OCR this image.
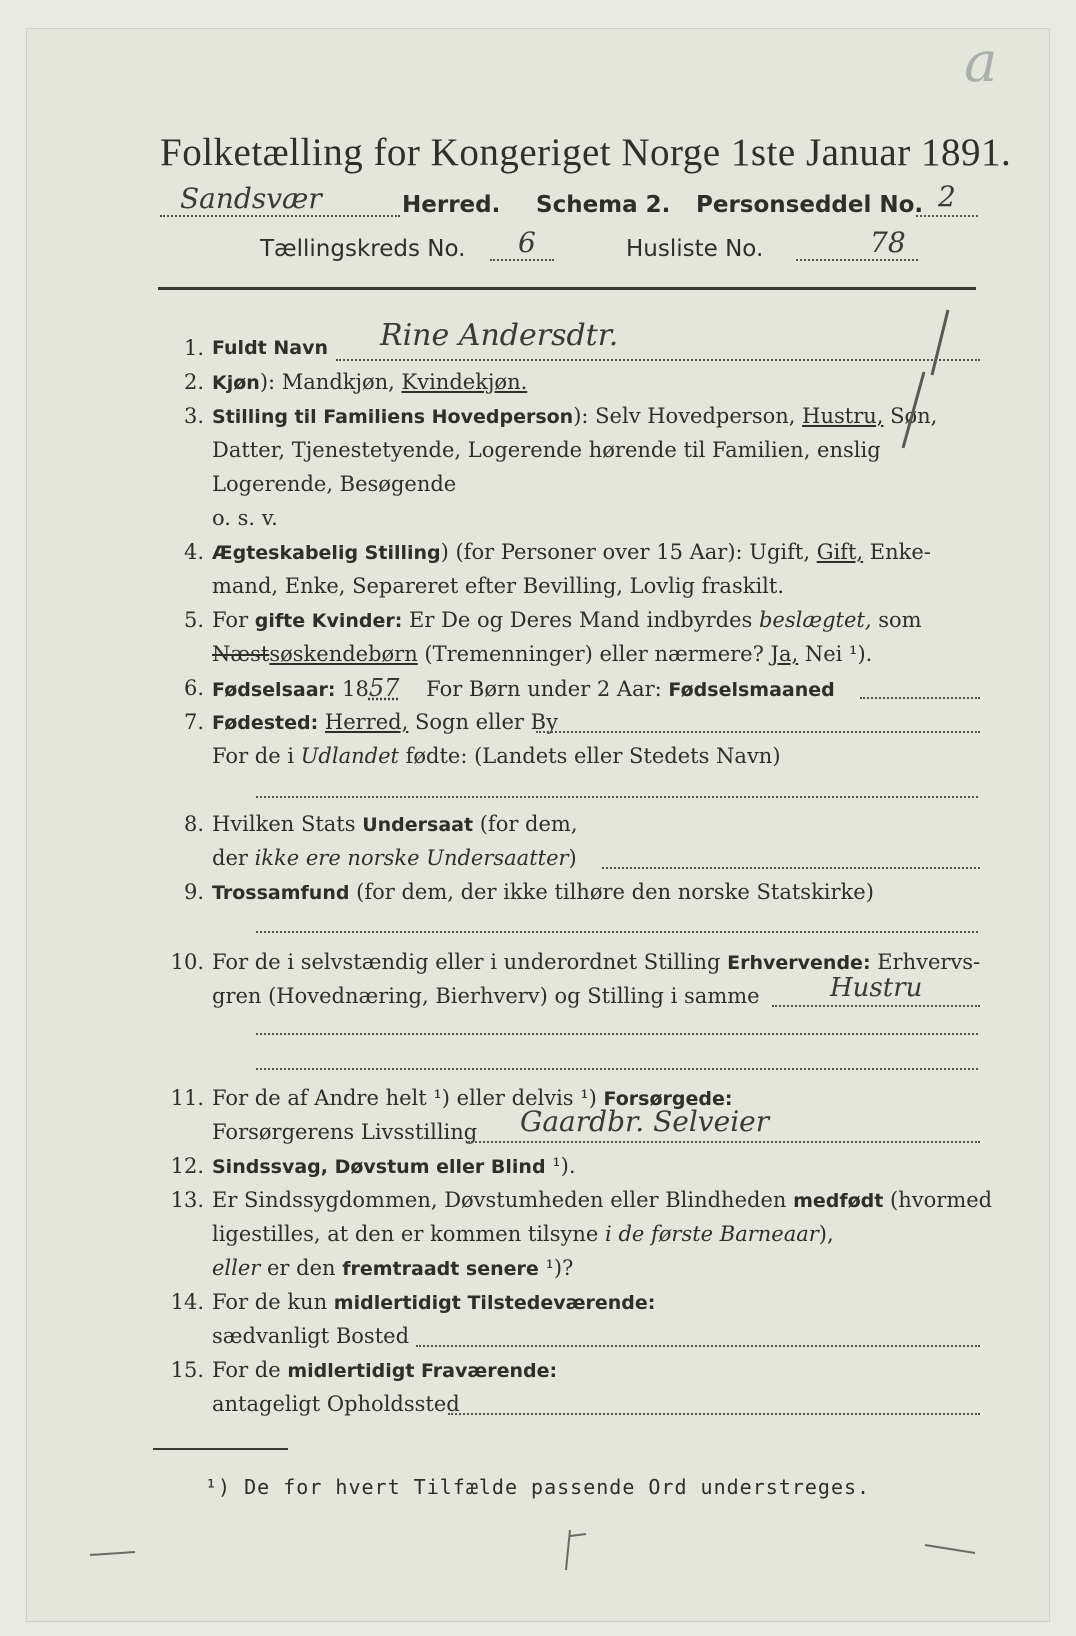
a
Folketælling for Kongeriget Norge 1ste Januar 1891.
Sandsvær	Herred. Schema 2. Personseddel No. 2
Tællingskreds No. 6	Husliste No.	78
1. Fuldt Navn Rine Andersdtr.
2. Kjøn): Mandkjøn, Kvindekjøn.
3. Stilling til Familiens Hovedperson): Selv Hovedperson, Hustru, Søn,
Datter, Tjenestetyende, Logerende hørende til Familien, enslig
Logerende, Besøgende
o. s. v.
4. Ægteskabelig Stilling) (for Personer over 15 Aar): Ugift, Gift, Enke-
mand, Enke, Separeret efter Bevilling, Lovlig fraskilt.
5. For gifte Kvinder: Er De og Deres Mand indbyrdes beslægtet, som
Næstsøskendebørn (Tremenninger) eller nærmere? Ja, Nei ¹).
6. Fødselsaar: 1857 For Børn under 2 Aar: Fødselsmaaned
7. Fødested: Herred, Sogn eller By
For de i Udlandet fødte: (Landets eller Stedets Navn)
8. Hvilken Stats Undersaat (for dem,
der ikke ere norske Undersaatter)
9. Trossamfund (for dem, der ikke tilhøre den norske Statskirke)
10. For de i selvstændig eller i underordnet Stilling Erhvervende: Erhvervs-
gren (Hovednæring, Bierhverv) og Stilling i samme	Hustru
11. For de af Andre helt ¹) eller delvis ¹) Forsørgede:
Forsørgerens Livsstilling Gaardbr. Selveier
12. Sindssvag, Døvstum eller Blind ¹).
13. Er Sindssygdommen, Døvstumheden eller Blindheden medfødt (hvormed
ligestilles, at den er kommen tilsyne i de første Barneaar),
eller er den fremtraadt senere ¹)?
14. For de kun midlertidigt Tilstedeværende:
sædvanligt Bosted
15. For de midlertidigt Fraværende:
antageligt Opholdssted
¹) De for hvert Tilfælde passende Ord understreges.
